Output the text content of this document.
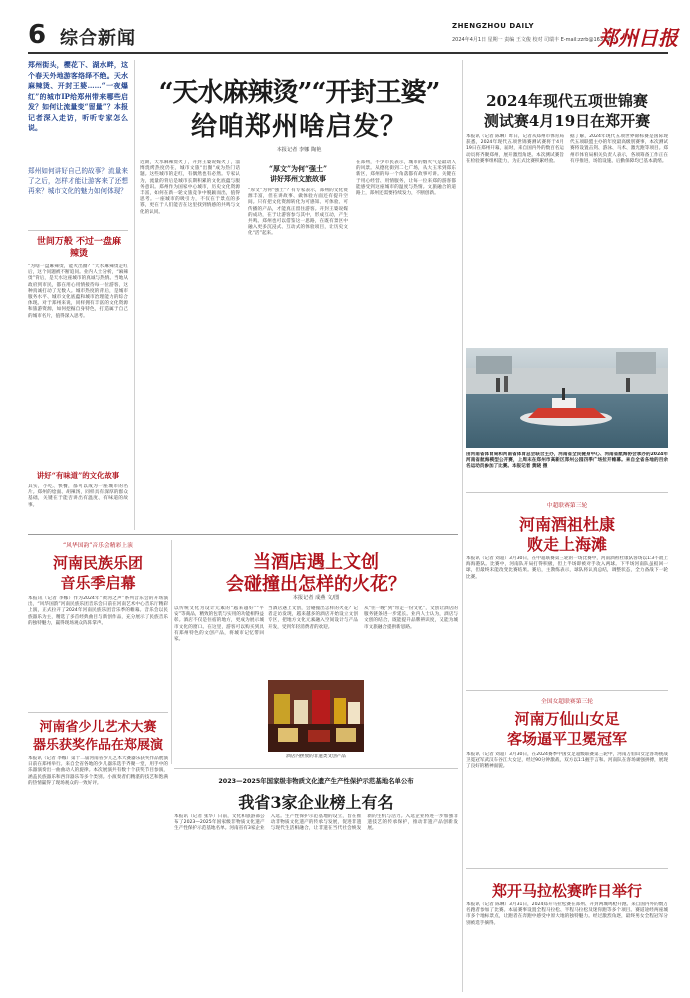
6 综合新闻
ZHENGZHOU DAILY
2024年4月1日 星期一 责编 王文俊 校对 司瑞丰 E-mail:zzrb@163.com
郑州日报
郑州街头，樱花下、湖水畔，这个春天外地游客络绎不绝。天水麻辣烫、开封王婆……“一夜爆红”的城市IP给郑州带来哪些启发？如何让流量变“留量”？本报记者深入走访，听听专家怎么说。
郑州如何讲好自己的故事？流量来了之后，怎样才能让游客来了还想再来？城市文化的魅力如何体现？
世间万般 不过一盘麻辣烫
“为啥一盘麻辣烫，能火出圈？”天水麻辣烫走红后，这个问题被不断追问。业内人士分析，“麻辣烫”背后，是天水这座城市的真诚与热情。当地从政府到市民，都在用心用情接待每一位游客，这种真诚打动了无数人。城市热度的背后，是城市服务水平、城市文化底蕴和城市治理能力的综合体现。对于郑州来说，同样拥有丰富的文化资源和旅游资源，如何挖掘自身特色，打造属于自己的城市名片，值得深入思考。
讲好“有味道”的文化故事
其实，小吃、快餐，都可以成为一座城市的名片。郑州的烩面、胡辣汤，同样具有深厚的群众基础，关键在于能否讲出有温度、有味道的故事。
“天水麻辣烫”“开封王婆”
给咱郑州啥启发？
本报记者 李娜 陶艳
近期，天水麻辣烫火了，开封王婆说媒火了，淄博烧烤热度仍在，城市文旅“出圈”成为热门话题。这些城市的走红，有偶然也有必然。专家认为，流量的背后是城市长期积累的文化底蕴与服务意识。郑州作为国家中心城市，历史文化资源丰富，如何在新一轮文旅竞争中脱颖而出，值得思考。一座城市的吸引力，不仅在于景点的多寡，更在于人们能否在这里找到情感的共鸣与文化的认同。
“厚文”为何“强土”
讲好郑州文旅故事
“厚文”为何“强土”？有专家表示，郑州的文化资源丰富，但在讲故事、做体验方面还有提升空间。只有把文化资源转化为可感知、可体验、可传播的产品，才能真正留住游客。开封王婆说媒的成功，在于让游客参与其中，形成互动，产生共鸣。郑州也可以借鉴这一思路，在既有景区中融入更多沉浸式、互动式的体验项目，让历史文化“活”起来。
在郑州，不少市民表示，城市的烟火气是最动人的风景。从德化街到二七广场，从大玉米到郑东新区，郑州的每一个角落都有故事可讲。关键在于用心经营、用情服务，让每一位来郑的游客都能感受到这座城市的温度与热情。文旅融合的道路上，郑州还需要持续发力，不断创新。
2024年现代五项世锦赛
测试赛4月19日在郑开赛
本报讯（记者 陈琳）昨日，记者从郑州市体育局获悉，2024年现代五项世锦赛测试赛将于4月19日在郑州开幕，届时，来自国内外的数百名运动员将齐聚郑州，展开激烈角逐。本次测试赛旨在检验赛事组织能力，为正式比赛积累经验。
据了解，2024年现代五项世界锦标赛是国际现代五项联盟主办的年度最高级别赛事，本次测试赛将设置击剑、游泳、马术、激光跑等项目。郑州市体育局相关负责人表示，各项筹备工作正在有序推进，场馆设施、后勤保障均已基本就绪。
由河南省体育局和河南省体育总会联合主办，河南省全民健身中心、河南省航海协会承办的2024年河南省航海模型公开赛，上周末在郑州市高新区郑州公园四季广场拉开帷幕。来自全省各地的百余名运动员参加了比赛。本报记者 黄晓 摄
中超联赛第三轮
河南酒祖杜康
败走上海滩
本报讯（记者 刘超）3月30日，在中超联赛第三轮的一场比赛中，河南酒祖杜康队客场以1∶3不敌上海海港队。比赛中，河南队开局打得积极，但上半场即被对手攻入两球。下半场河南队虽扳回一球，但最终未能改变比赛结果。赛后，主教练表示，球队将认真总结，调整状态，全力备战下一轮比赛。
全国女超联赛第三轮
河南万仙山女足
客场逼平卫冕冠军
本报讯（记者 刘超）3月30日，在2024赛季中国女足超级联赛第三轮中，河南万仙山女足客场挑战卫冕冠军武汉车谷江大女足，经过90分钟激战，双方以1∶1握手言和。河南队在客场顽强拼搏，展现了良好的精神面貌。
郑开马拉松赛昨日举行
本报讯（记者 陈琳）3月31日，2024郑开马拉松赛在郑州、开封两城鸣枪开跑。来自国内外的数万名跑者参加了比赛。本届赛事设置全程马拉松、半程马拉松及迷你跑等多个项目。赛道途经两座城市多个地标景点，让跑者在奔跑中感受中原大地的独特魅力。经过激烈角逐，最终男女全程冠军分别被选手摘得。
“风华国韵”音乐会精彩上演
河南民族乐团
音乐季启幕
本报讯（记者 李娜）作为2024年“黄河之声”系列音乐会的开场演出，“风华国韵”河南民族乐团音乐会日前在河南艺术中心音乐厅精彩上演，正式拉开了2024年河南民族乐团音乐季的帷幕。音乐会以民族器乐为主，精选了多首经典曲目与新创作品，充分展示了民族音乐的独特魅力，赢得现场观众阵阵掌声。
当酒店遇上文创
会碰撞出怎样的火花？
本报记者 成燕 文/图
以传统文化为设计元素的“越来越好”“平安”等商品，精致的包装与实用的功能相得益彰。酒店不仅是住宿的地方，更成为展示城市文化的窗口。在这里，游客可以购买到具有郑州特色的文创产品，将城市记忆带回家。
当酒店遇上文创，会碰撞出怎样的火花？记者走访发现，越来越多的酒店开始设立文创专区，把地方文化元素融入空间设计与产品开发，受到年轻消费者的欢迎。
从“住一晚”到“带走一份文化”，文创让酒店的服务链条进一步延长。业内人士认为，酒店与文创的结合，既能提升品牌辨识度，又能为城市文旅融合提供新思路。
酒店内摆放的非遗类文创产品
河南省少儿艺术大赛
器乐获奖作品在郑展演
本报讯（记者 李娜）第十二届河南省少儿艺术大赛器乐获奖作品展演日前在郑州举行。来自全省各地的少儿器乐选手齐聚一堂，用手中的乐器演奏出一曲曲动人的旋律。本次展演共有数十个获奖节目参演，涵盖民族器乐和西洋器乐等多个类别。小演奏者们精湛的技艺和饱满的热情赢得了现场观众的一致好评。	2023—2025年国家级非物质文化遗产生产性保护示范基地名单公布
我省3家企业榜上有名
本报讯（记者 张华）日前，文化和旅游部公布了2023—2025年国家级非物质文化遗产生产性保护示范基地名单。河南省有3家企业入选。生产性保护示范基地的设立，旨在推动非物质文化遗产的传承与发展，促进非遗与现代生活相融合，让非遗在当代社会焕发新的生机与活力。入选企业将进一步加强非遗技艺的传承保护，推动非遗产品创新发展。
